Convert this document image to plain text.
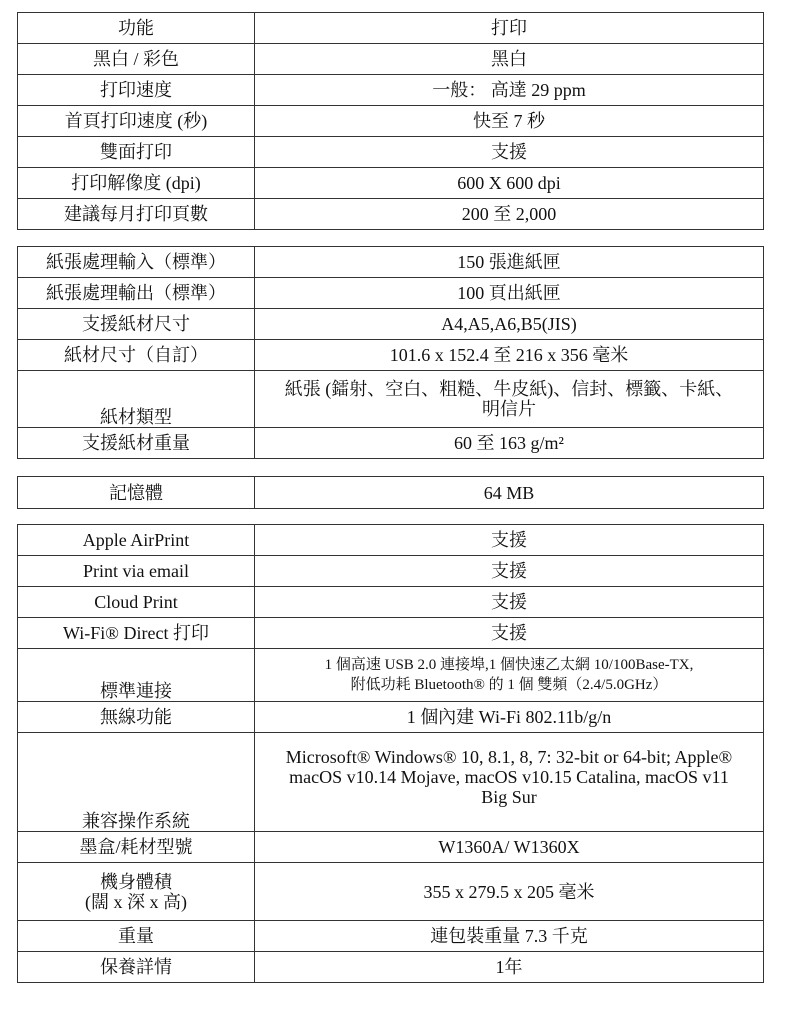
功能	打印
黑白 / 彩色	黑白
打印速度	一般： 高達 29 ppm
首頁打印速度 (秒)	快至 7 秒
雙面打印	支援
打印解像度 (dpi)	600 X 600 dpi
建議每月打印頁數	200 至 2,000
紙張處理輸入（標準）	150 張進紙匣
紙張處理輸出（標準）	100 頁出紙匣
支援紙材尺寸	A4,A5,A6,B5(JIS)
紙材尺寸（自訂）	101.6 x 152.4 至 216 x 356 毫米
紙材類型	紙張 (鐳射、空白、粗糙、牛皮紙)、信封、標籤、卡紙、
明信片

支援紙材重量	60 至 163 g/m²
記憶體	64 MB
Apple AirPrint	支援
Print via email	支援
Cloud Print	支援
Wi-Fi® Direct 打印	支援
標準連接	1 個高速 USB 2.0 連接埠,1 個快速乙太網 10/100Base-TX,
附低功耗 Bluetooth® 的 1 個 雙頻（2.4/5.0GHz）

無線功能	1 個內建 Wi-Fi 802.11b/g/n
兼容操作系統	Microsoft® Windows® 10, 8.1, 8, 7: 32-bit or 64-bit; Apple®
macOS v10.14 Mojave, macOS v10.15 Catalina, macOS v11
Big Sur

墨盒/耗材型號	W1360A/ W1360X

機身體積
(闊 x 深 x 高)	355 x 279.5 x 205 毫米
重量	連包裝重量 7.3 千克
保養詳情	1年
